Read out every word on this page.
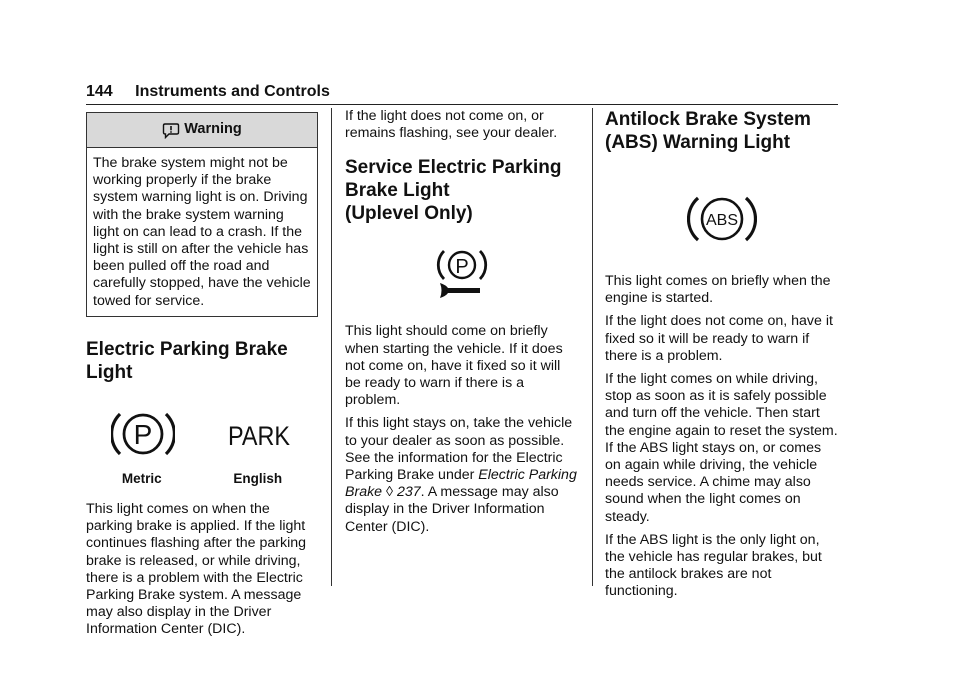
144 Instruments and Controls
Warning

The brake system might not be working properly if the brake system warning light is on. Driving with the brake system warning light on can lead to a crash. If the light is still on after the vehicle has been pulled off the road and carefully stopped, have the vehicle towed for service.

Electric Parking Brake
Light
P	PARK
Metric	English

This light comes on when the parking brake is applied. If the light continues flashing after the parking brake is released, or while driving, there is a problem with the Electric Parking Brake system. A message may also display in the Driver Information Center (DIC).

If the light does not come on, or remains flashing, see your dealer.

Service Electric Parking
Brake Light
(Uplevel Only)
P

This light should come on briefly when starting the vehicle. If it does not come on, have it fixed so it will be ready to warn if there is a problem.

If this light stays on, take the vehicle to your dealer as soon as possible. See the information for the Electric Parking Brake under Electric Parking Brake ◊ 237. A message may also display in the Driver Information Center (DIC).

Antilock Brake System
(ABS) Warning Light
ABS

This light comes on briefly when the engine is started.

If the light does not come on, have it fixed so it will be ready to warn if there is a problem.

If the light comes on while driving, stop as soon as it is safely possible and turn off the vehicle. Then start the engine again to reset the system. If the ABS light stays on, or comes on again while driving, the vehicle needs service. A chime may also sound when the light comes on steady.

If the ABS light is the only light on, the vehicle has regular brakes, but the antilock brakes are not functioning.
